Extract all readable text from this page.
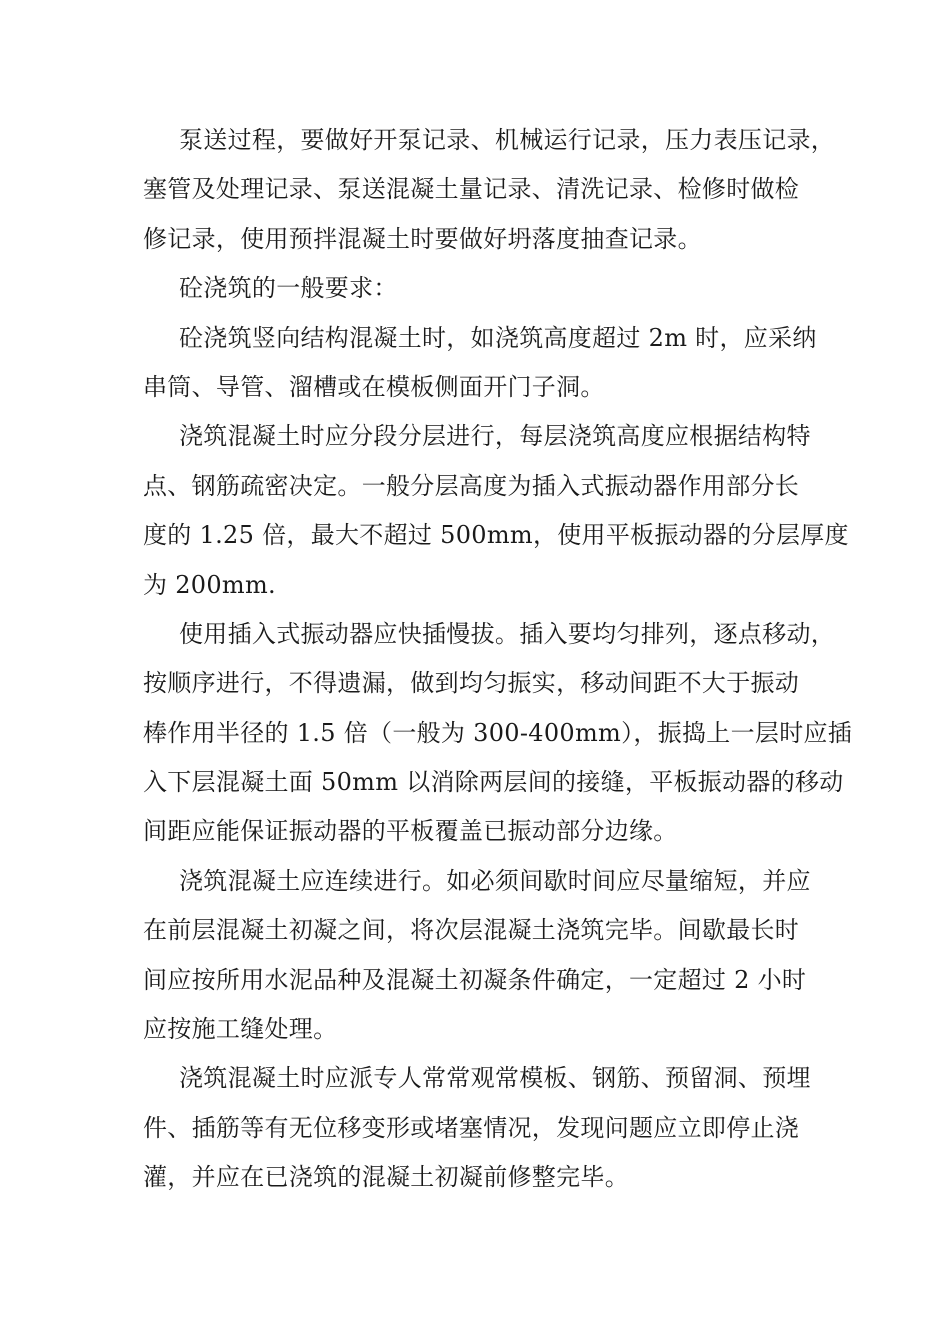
泵送过程，要做好开泵记录、机械运行记录，压力表压记录，
塞管及处理记录、泵送混凝土量记录、清洗记录、检修时做检
修记录，使用预拌混凝土时要做好坍落度抽查记录。
砼浇筑的一般要求：
砼浇筑竖向结构混凝土时，如浇筑高度超过 2m 时，应采纳
串筒、导管、溜槽或在模板侧面开门子洞。
浇筑混凝土时应分段分层进行，每层浇筑高度应根据结构特
点、钢筋疏密决定。一般分层高度为插入式振动器作用部分长
度的 1.25 倍，最大不超过 500mm，使用平板振动器的分层厚度
为 200mm.
使用插入式振动器应快插慢拔。插入要均匀排列，逐点移动，
按顺序进行，不得遗漏，做到均匀振实，移动间距不大于振动
棒作用半径的 1.5 倍（一般为 300-400mm），振捣上一层时应插
入下层混凝土面 50mm 以消除两层间的接缝，平板振动器的移动
间距应能保证振动器的平板覆盖已振动部分边缘。
浇筑混凝土应连续进行。如必须间歇时间应尽量缩短，并应
在前层混凝土初凝之间，将次层混凝土浇筑完毕。间歇最长时
间应按所用水泥品种及混凝土初凝条件确定，一定超过 2 小时
应按施工缝处理。
浇筑混凝土时应派专人常常观常模板、钢筋、预留洞、预埋
件、插筋等有无位移变形或堵塞情况，发现问题应立即停止浇
灌，并应在已浇筑的混凝土初凝前修整完毕。
